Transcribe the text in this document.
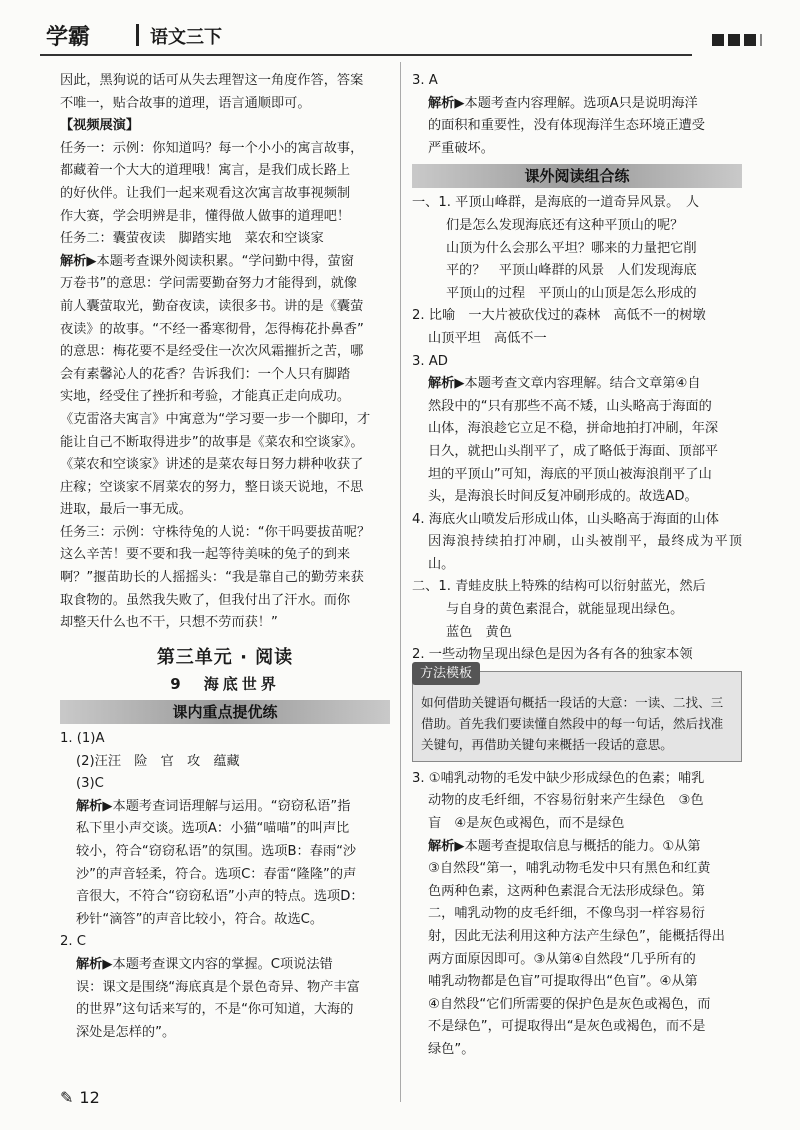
学霸	语文三下

因此，黑狗说的话可从失去理智这一角度作答，答案

不唯一，贴合故事的道理，语言通顺即可。

【视频展演】

任务一：示例：你知道吗？每一个小小的寓言故事，

都藏着一个大大的道理哦！寓言，是我们成长路上

的好伙伴。让我们一起来观看这次寓言故事视频制

作大赛，学会明辨是非，懂得做人做事的道理吧！

任务二：囊萤夜读　脚踏实地　菜农和空谈家

解析▶本题考查课外阅读积累。“学问勤中得，萤窗

万卷书”的意思：学问需要勤奋努力才能得到，就像

前人囊萤取光，勤奋夜读，读很多书。讲的是《囊萤

夜读》的故事。“不经一番寒彻骨，怎得梅花扑鼻香”

的意思：梅花要不是经受住一次次风霜摧折之苦，哪

会有素馨沁人的花香？告诉我们：一个人只有脚踏

实地，经受住了挫折和考验，才能真正走向成功。

《克雷洛夫寓言》中寓意为“学习要一步一个脚印，才

能让自己不断取得进步”的故事是《菜农和空谈家》。

《菜农和空谈家》讲述的是菜农每日努力耕种收获了

庄稼；空谈家不屑菜农的努力，整日谈天说地，不思

进取，最后一事无成。

任务三：示例：守株待兔的人说：“你干吗要拔苗呢？

这么辛苦！要不要和我一起等待美味的兔子的到来

啊？”揠苗助长的人摇摇头：“我是靠自己的勤劳来获

取食物的。虽然我失败了，但我付出了汗水。而你

却整天什么也不干，只想不劳而获！”

第三单元 · 阅读
9　海底世界
课内重点提优练

1. (1)A

(2)汪汪　险　官　攻　蕴藏

(3)C

解析▶本题考查词语理解与运用。“窃窃私语”指

私下里小声交谈。选项A：小猫“喵喵”的叫声比

较小，符合“窃窃私语”的氛围。选项B：春雨“沙

沙”的声音轻柔，符合。选项C：春雷“隆隆”的声

音很大，不符合“窃窃私语”小声的特点。选项D：

秒针“滴答”的声音比较小，符合。故选C。

2. C

解析▶本题考查课文内容的掌握。C项说法错

误：课文是围绕“海底真是个景色奇异、物产丰富

的世界”这句话来写的，不是“你可知道，大海的

深处是怎样的”。

3. A

解析▶本题考查内容理解。选项A只是说明海洋

的面积和重要性，没有体现海洋生态环境正遭受

严重破坏。

课外阅读组合练

一、1. 平顶山峰群，是海底的一道奇异风景。　人

们是怎么发现海底还有这种平顶山的呢？

山顶为什么会那么平坦？哪来的力量把它削

平的？　平顶山峰群的风景　人们发现海底

平顶山的过程　平顶山的山顶是怎么形成的

2. 比喻　一大片被砍伐过的森林　高低不一的树墩

山顶平坦　高低不一

3. AD

解析▶本题考查文章内容理解。结合文章第④自

然段中的“只有那些不高不矮，山头略高于海面的

山体，海浪趁它立足不稳，拼命地拍打冲刷，年深

日久，就把山头削平了，成了略低于海面、顶部平

坦的平顶山”可知，海底的平顶山被海浪削平了山

头，是海浪长时间反复冲刷形成的。故选AD。

4. 海底火山喷发后形成山体，山头略高于海面的山体

因海浪持续拍打冲刷，山头被削平，最终成为平顶山。

二、1. 青蛙皮肤上特殊的结构可以衍射蓝光，然后

与自身的黄色素混合，就能显现出绿色。

蓝色　黄色

2. 一些动物呈现出绿色是因为各有各的独家本领

方法模板
如何借助关键语句概括一段话的大意：一读、二找、三借助。首先我们要读懂自然段中的每一句话，然后找准关键句，再借助关键句来概括一段话的意思。

3. ①哺乳动物的毛发中缺少形成绿色的色素；哺乳

动物的皮毛纤细，不容易衍射来产生绿色　③色

盲　④是灰色或褐色，而不是绿色

解析▶本题考查提取信息与概括的能力。①从第

③自然段“第一，哺乳动物毛发中只有黑色和红黄

色两种色素，这两种色素混合无法形成绿色。第

二，哺乳动物的皮毛纤细，不像鸟羽一样容易衍

射，因此无法利用这种方法产生绿色”，能概括得出

两方面原因即可。③从第④自然段“几乎所有的

哺乳动物都是色盲”可提取得出“色盲”。④从第

④自然段“它们所需要的保护色是灰色或褐色，而

不是绿色”，可提取得出“是灰色或褐色，而不是

绿色”。

✎ 12
